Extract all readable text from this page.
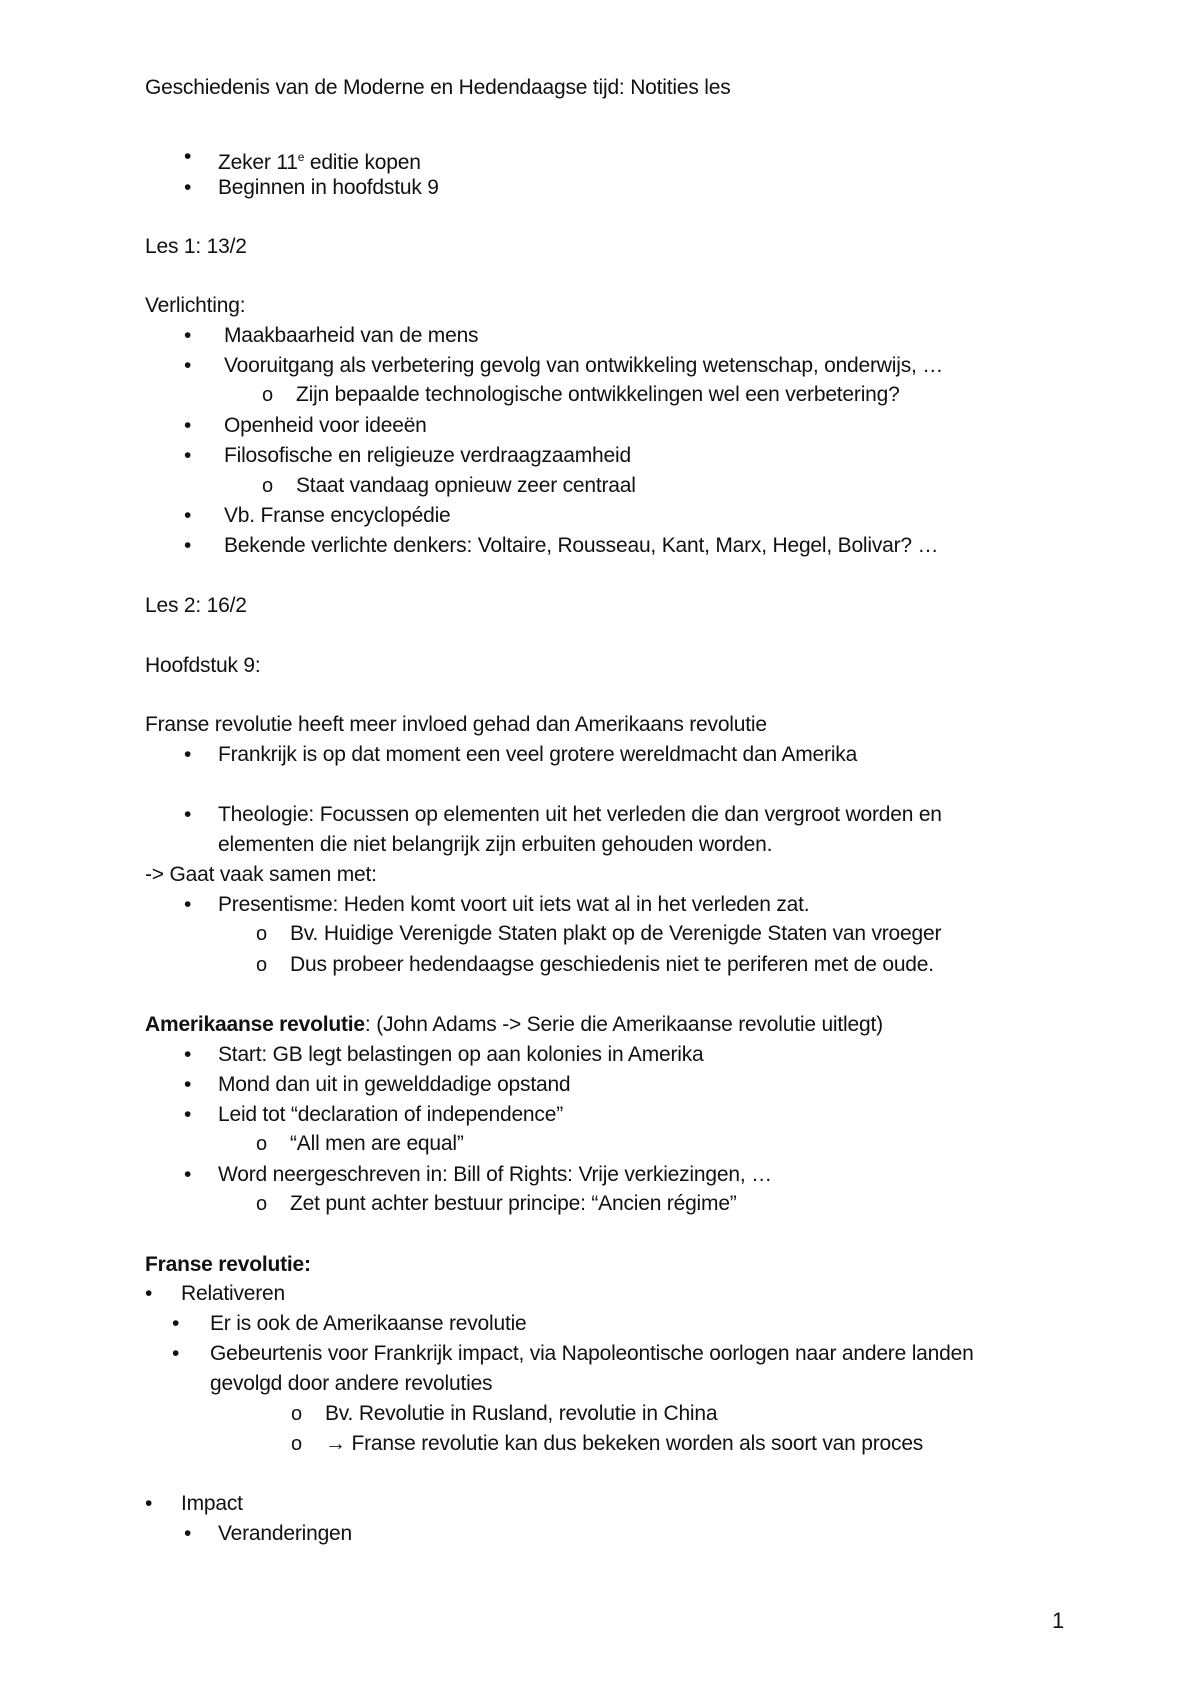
Geschiedenis van de Moderne en Hedendaagse tijd: Notities les
• Zeker 11e editie kopen
• Beginnen in hoofdstuk 9
Les 1: 13/2
Verlichting:
• Maakbaarheid van de mens
• Vooruitgang als verbetering gevolg van ontwikkeling wetenschap, onderwijs, …
o Zijn bepaalde technologische ontwikkelingen wel een verbetering?
• Openheid voor ideeën
• Filosofische en religieuze verdraagzaamheid
o Staat vandaag opnieuw zeer centraal
• Vb. Franse encyclopédie
• Bekende verlichte denkers: Voltaire, Rousseau, Kant, Marx, Hegel, Bolivar? …
Les 2: 16/2
Hoofdstuk 9:
Franse revolutie heeft meer invloed gehad dan Amerikaans revolutie
• Frankrijk is op dat moment een veel grotere wereldmacht dan Amerika
• Theologie: Focussen op elementen uit het verleden die dan vergroot worden en
elementen die niet belangrijk zijn erbuiten gehouden worden.
-> Gaat vaak samen met:
• Presentisme: Heden komt voort uit iets wat al in het verleden zat.
o Bv. Huidige Verenigde Staten plakt op de Verenigde Staten van vroeger
o Dus probeer hedendaagse geschiedenis niet te periferen met de oude.
Amerikaanse revolutie: (John Adams -> Serie die Amerikaanse revolutie uitlegt)
• Start: GB legt belastingen op aan kolonies in Amerika
• Mond dan uit in gewelddadige opstand
• Leid tot “declaration of independence”
o “All men are equal”
• Word neergeschreven in: Bill of Rights: Vrije verkiezingen, …
o Zet punt achter bestuur principe: “Ancien régime”
Franse revolutie:
• Relativeren
• Er is ook de Amerikaanse revolutie
• Gebeurtenis voor Frankrijk impact, via Napoleontische oorlogen naar andere landen
gevolgd door andere revoluties
o Bv. Revolutie in Rusland, revolutie in China
o → Franse revolutie kan dus bekeken worden als soort van proces
• Impact
• Veranderingen
1
